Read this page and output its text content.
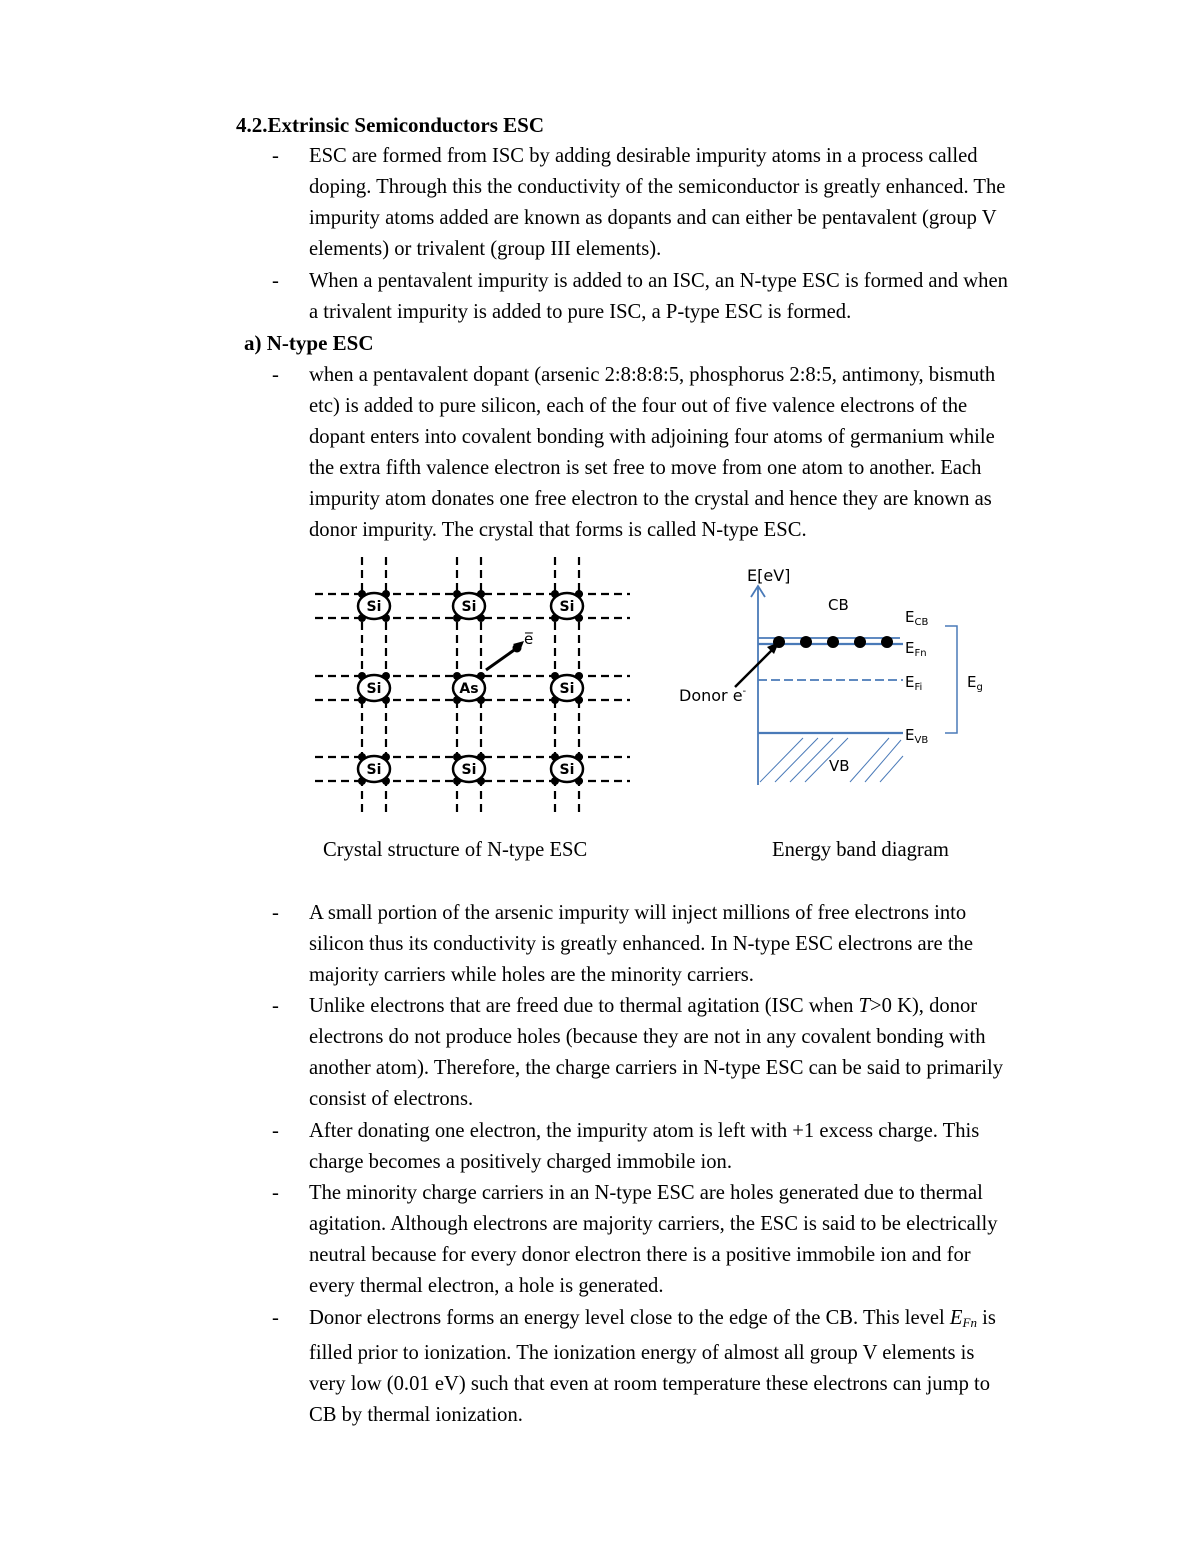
4.2.Extrinsic Semiconductors ESC
- ESC are formed from ISC by adding desirable impurity atoms in a process called
doping. Through this the conductivity of the semiconductor is greatly enhanced. The
impurity atoms added are known as dopants and can either be pentavalent (group V
elements) or trivalent (group III elements).
- When a pentavalent impurity is added to an ISC, an N-type ESC is formed and when
a trivalent impurity is added to pure ISC, a P-type ESC is formed.
a) N-type ESC
- when a pentavalent dopant (arsenic 2:8:8:8:5, phosphorus 2:8:5, antimony, bismuth
etc) is added to pure silicon, each of the four out of five valence electrons of the
dopant enters into covalent bonding with adjoining four atoms of germanium while
the extra fifth valence electron is set free to move from one atom to another. Each
impurity atom donates one free electron to the crystal and hence they are known as
donor impurity. The crystal that forms is called N-type ESC.
Si	Si	Si
Si	As	Si
Si	Si	Si
e̅
E[eV]
CB
VB
Donor e-
$E_{CB}$
$E_{Fn}$
$E_{Fi}$
$E_{VB}$
$E_g$
Crystal structure of N-type ESC	Energy band diagram
- A small portion of the arsenic impurity will inject millions of free electrons into
silicon thus its conductivity is greatly enhanced. In N-type ESC electrons are the
majority carriers while holes are the minority carriers.
- Unlike electrons that are freed due to thermal agitation (ISC when T>0 K), donor
electrons do not produce holes (because they are not in any covalent bonding with
another atom). Therefore, the charge carriers in N-type ESC can be said to primarily
consist of electrons.
- After donating one electron, the impurity atom is left with +1 excess charge. This
charge becomes a positively charged immobile ion.
- The minority charge carriers in an N-type ESC are holes generated due to thermal
agitation. Although electrons are majority carriers, the ESC is said to be electrically
neutral because for every donor electron there is a positive immobile ion and for
every thermal electron, a hole is generated.
- Donor electrons forms an energy level close to the edge of the CB. This level EFn is
filled prior to ionization. The ionization energy of almost all group V elements is
very low (0.01 eV) such that even at room temperature these electrons can jump to
CB by thermal ionization.
